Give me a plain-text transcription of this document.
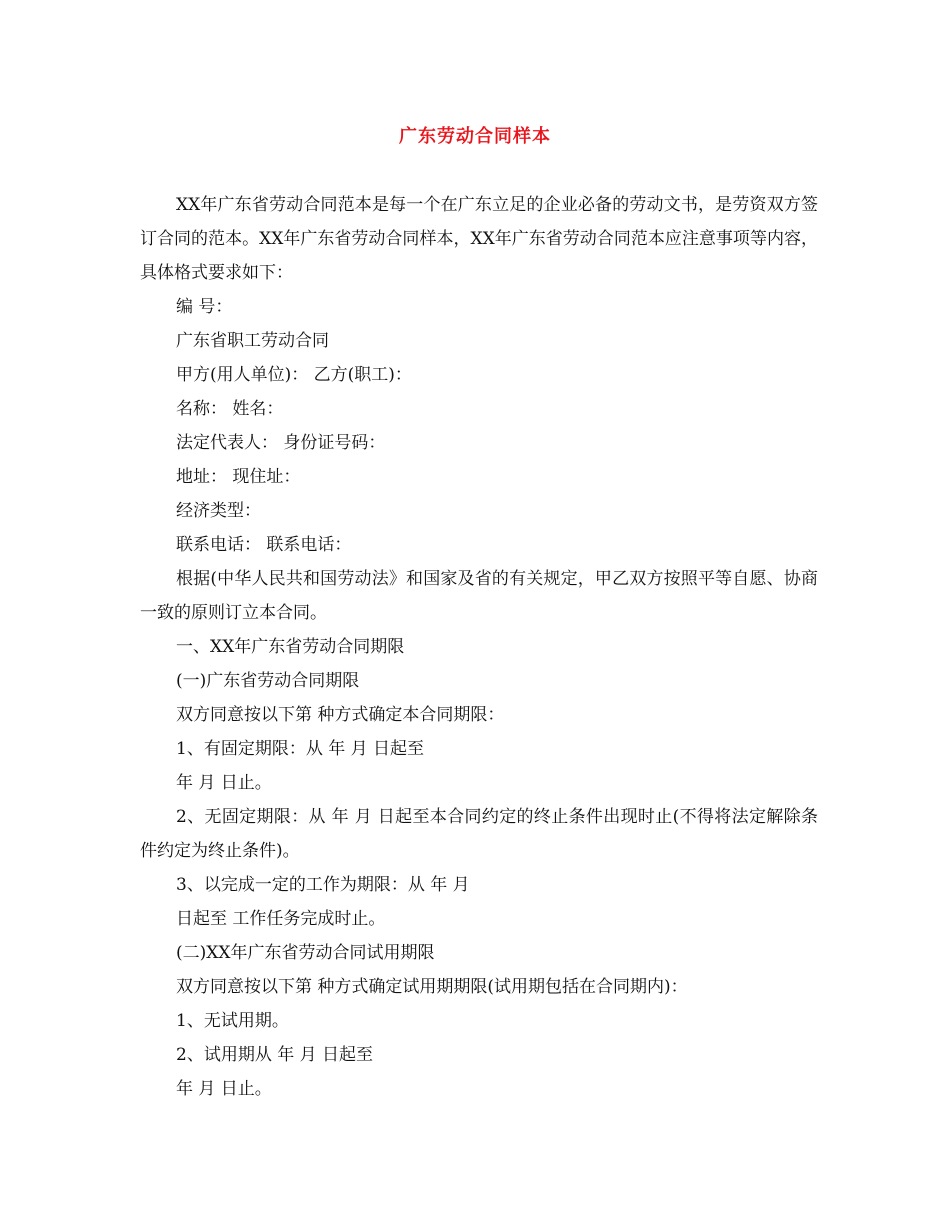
广东劳动合同样本

XX年广东省劳动合同范本是每一个在广东立足的企业必备的劳动文书，是劳资双方签订合同的范本。XX年广东省劳动合同样本，XX年广东省劳动合同范本应注意事项等内容，具体格式要求如下：

编 号：

广东省职工劳动合同

甲方(用人单位)： 乙方(职工)：

名称： 姓名：

法定代表人： 身份证号码：

地址： 现住址：

经济类型：

联系电话： 联系电话：

根据(中华人民共和国劳动法》和国家及省的有关规定，甲乙双方按照平等自愿、协商一致的原则订立本合同。

一、XX年广东省劳动合同期限

(一)广东省劳动合同期限

双方同意按以下第 种方式确定本合同期限：

1、有固定期限：从 年 月 日起至

年 月 日止。

2、无固定期限：从 年 月 日起至本合同约定的终止条件出现时止(不得将法定解除条件约定为终止条件)。

3、以完成一定的工作为期限：从 年 月

日起至 工作任务完成时止。

(二)XX年广东省劳动合同试用期限

双方同意按以下第 种方式确定试用期期限(试用期包括在合同期内)：

1、无试用期。

2、试用期从 年 月 日起至

年 月 日止。
